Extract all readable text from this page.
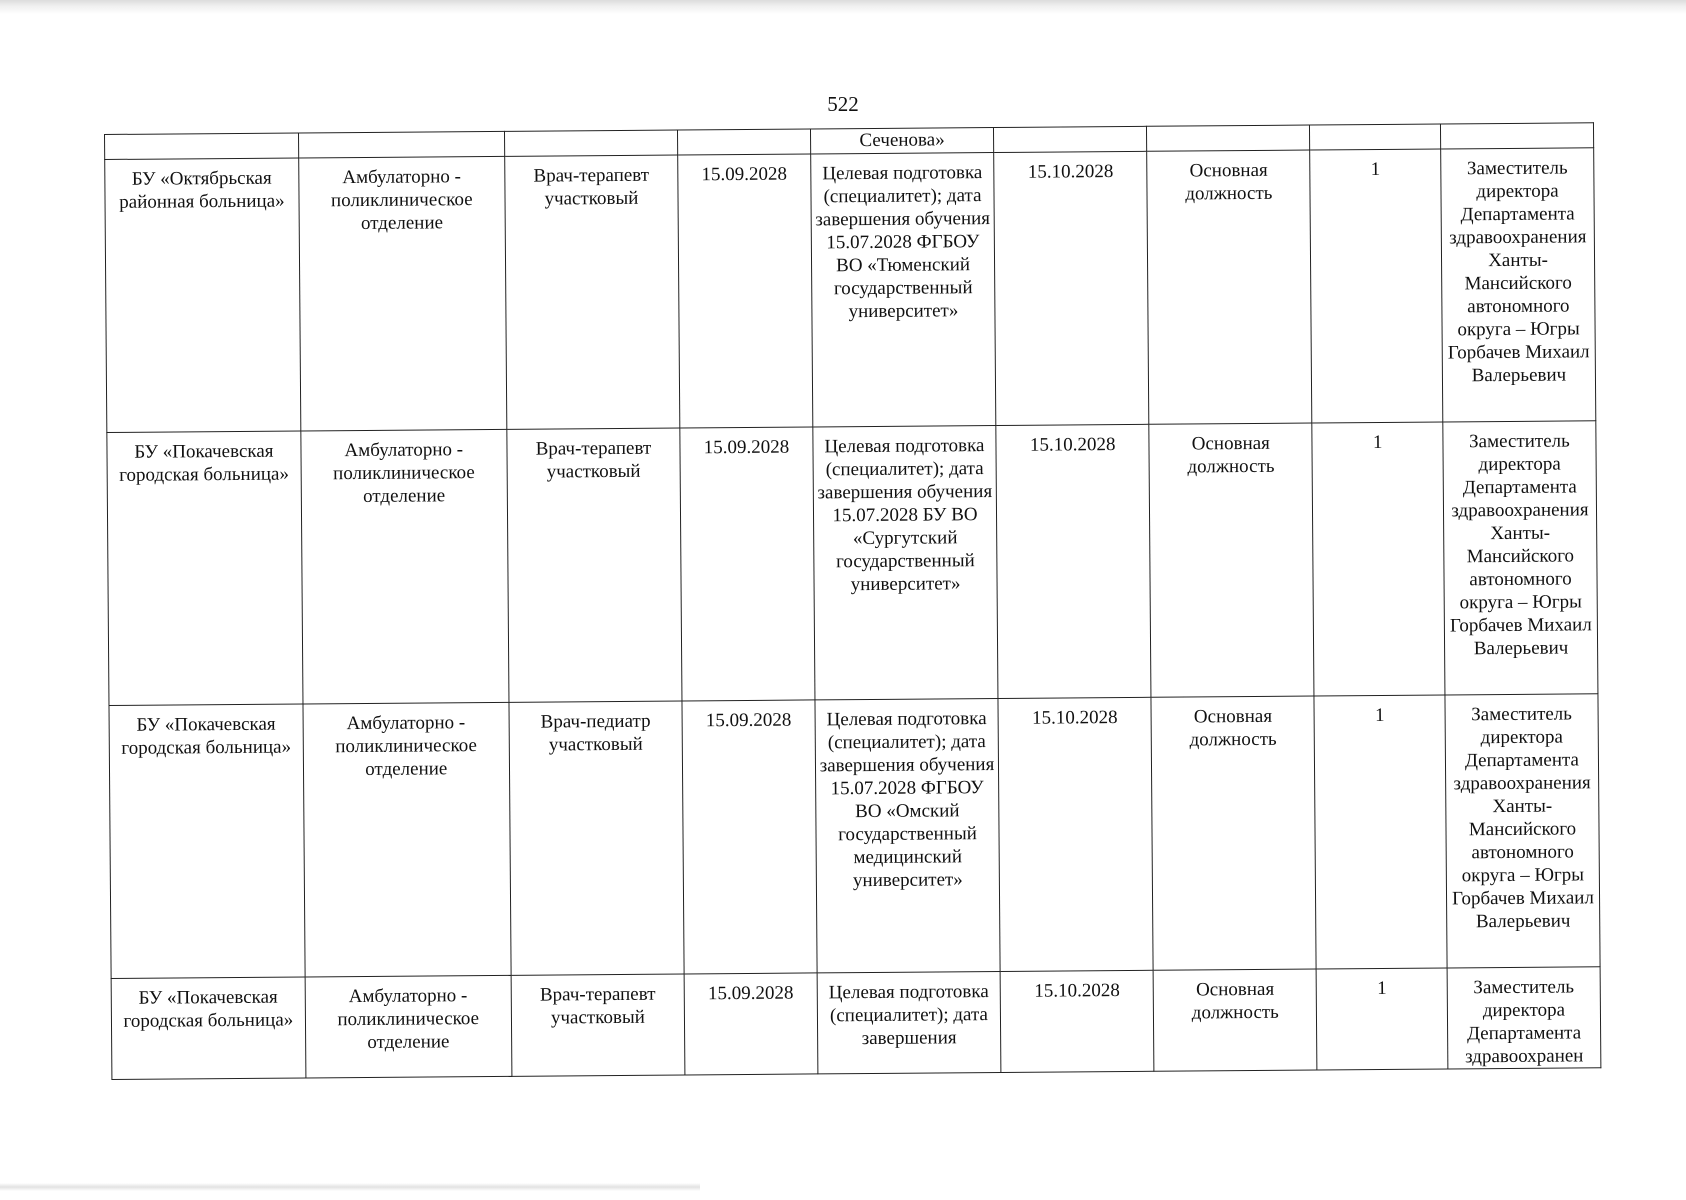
522
				Сеченова»				
БУ «Октябрьская районная больница»	Амбулаторно - поликлиническое отделение	Врач-терапевт участковый	15.09.2028	Целевая подготовка (специалитет); дата завершения обучения 15.07.2028 ФГБОУ ВО «Тюменский государственный университет»	15.10.2028	Основная должность	1	Заместитель директора Департамента здравоохранения Ханты-Мансийского автономного округа – Югры Горбачев Михаил Валерьевич
БУ «Покачевская городская больница»	Амбулаторно - поликлиническое отделение	Врач-терапевт участковый	15.09.2028	Целевая подготовка (специалитет); дата завершения обучения 15.07.2028 БУ ВО «Сургутский государственный университет»	15.10.2028	Основная должность	1	Заместитель директора Департамента здравоохранения Ханты-Мансийского автономного округа – Югры Горбачев Михаил Валерьевич
БУ «Покачевская городская больница»	Амбулаторно - поликлиническое отделение	Врач-педиатр участковый	15.09.2028	Целевая подготовка (специалитет); дата завершения обучения 15.07.2028 ФГБОУ ВО «Омский государственный медицинский университет»	15.10.2028	Основная должность	1	Заместитель директора Департамента здравоохранения Ханты-Мансийского автономного округа – Югры Горбачев Михаил Валерьевич
БУ «Покачевская городская больница»	Амбулаторно - поликлиническое отделение	Врач-терапевт участковый	15.09.2028	Целевая подготовка (специалитет); дата завершения	15.10.2028	Основная должность	1	Заместитель директора Департамента здравоохранен
